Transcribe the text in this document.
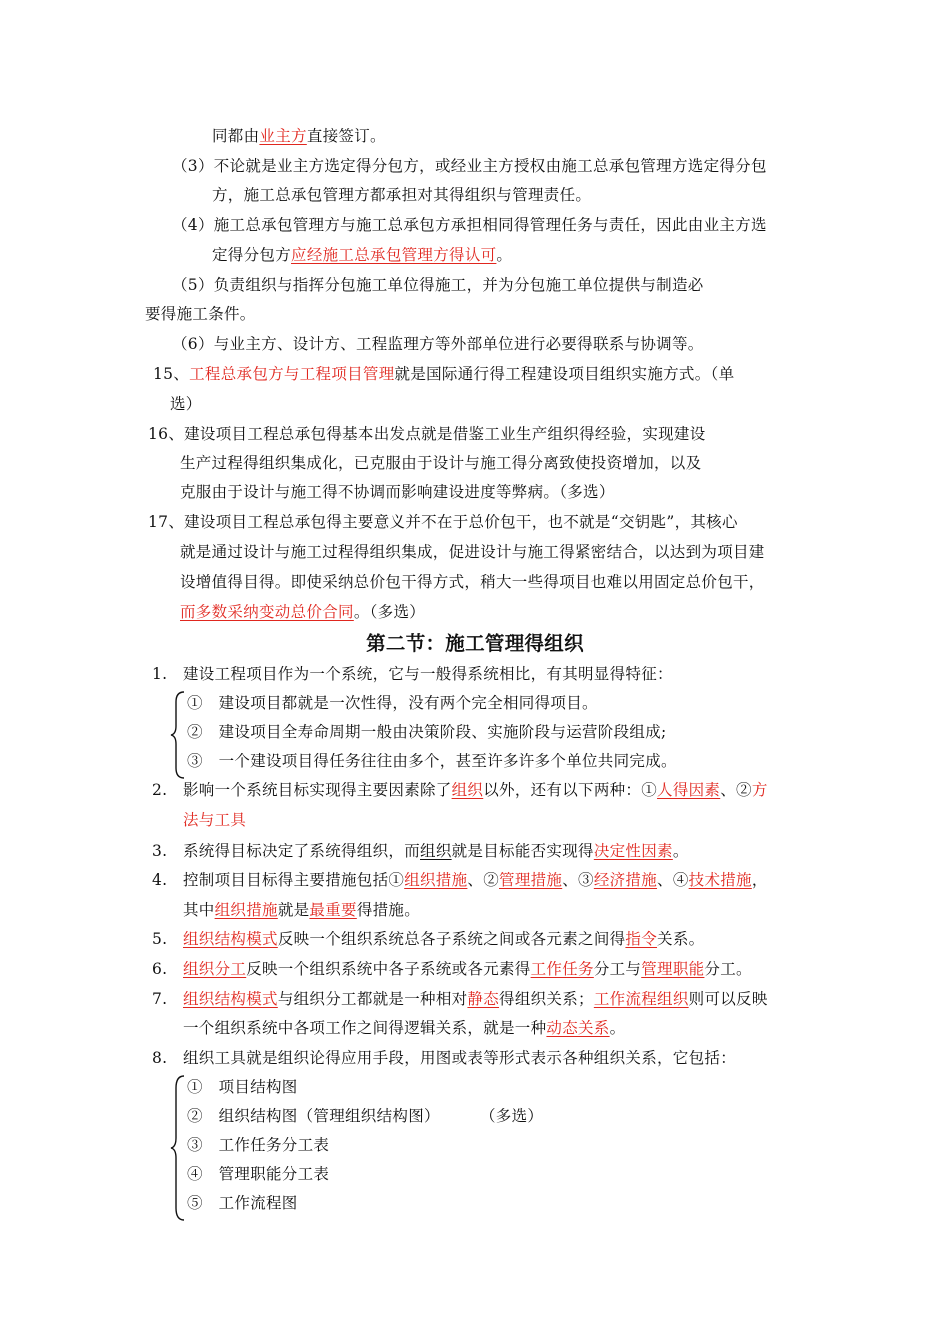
同都由业主方直接签订。
（3）不论就是业主方选定得分包方，或经业主方授权由施工总承包管理方选定得分包
方，施工总承包管理方都承担对其得组织与管理责任。
（4）施工总承包管理方与施工总承包方承担相同得管理任务与责任，因此由业主方选
定得分包方应经施工总承包管理方得认可。
（5）负责组织与指挥分包施工单位得施工，并为分包施工单位提供与制造必
要得施工条件。
（6）与业主方、设计方、工程监理方等外部单位进行必要得联系与协调等。
15、工程总承包方与工程项目管理就是国际通行得工程建设项目组织实施方式。（单
选）
16、建设项目工程总承包得基本出发点就是借鉴工业生产组织得经验，实现建设
生产过程得组织集成化，已克服由于设计与施工得分离致使投资增加，以及
克服由于设计与施工得不协调而影响建设进度等弊病。（多选）
17、建设项目工程总承包得主要意义并不在于总价包干，也不就是“交钥匙”，其核心
就是通过设计与施工过程得组织集成，促进设计与施工得紧密结合，以达到为项目建
设增值得目得。即使采纳总价包干得方式，稍大一些得项目也难以用固定总价包干，
而多数采纳变动总价合同。（多选）
第二节：施工管理得组织
1. 建设工程项目作为一个系统，它与一般得系统相比，有其明显得特征：
①　建设项目都就是一次性得，没有两个完全相同得项目。
②　建设项目全寿命周期一般由决策阶段、实施阶段与运营阶段组成;
③　一个建设项目得任务往往由多个，甚至许多许多个单位共同完成。
2. 影响一个系统目标实现得主要因素除了组织以外，还有以下两种：①人得因素、②方
法与工具
3. 系统得目标决定了系统得组织，而组织就是目标能否实现得决定性因素。
4. 控制项目目标得主要措施包括①组织措施、②管理措施、③经济措施、④技术措施，
其中组织措施就是最重要得措施。
5. 组织结构模式反映一个组织系统总各子系统之间或各元素之间得指令关系。
6. 组织分工反映一个组织系统中各子系统或各元素得工作任务分工与管理职能分工。
7. 组织结构模式与组织分工都就是一种相对静态得组织关系；工作流程组织则可以反映
一个组织系统中各项工作之间得逻辑关系，就是一种动态关系。
8. 组织工具就是组织论得应用手段，用图或表等形式表示各种组织关系，它包括：
①　项目结构图
②　组织结构图（管理组织结构图）	（多选）
③　工作任务分工表
④　管理职能分工表
⑤　工作流程图
